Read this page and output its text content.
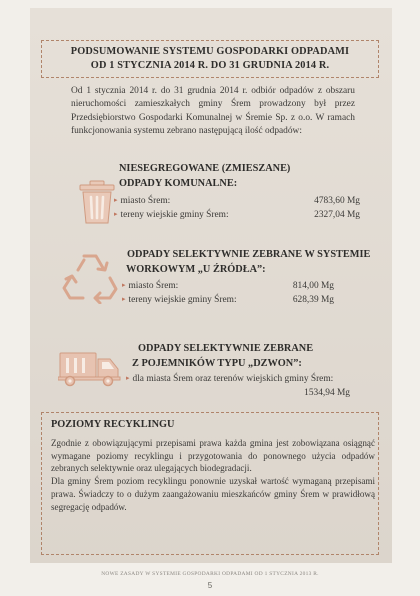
PODSUMOWANIE SYSTEMU GOSPODARKI ODPADAMI
OD 1 STYCZNIA 2014 R. DO 31 GRUDNIA 2014 R.
Od 1 stycznia 2014 r. do 31 grudnia 2014 r. odbiór odpadów z obszaru nieruchomości zamieszkałych gminy Śrem prowadzony był przez Przedsiębiorstwo Gospodarki Komunalnej w Śremie Sp. z o.o. W ramach funkcjonowania systemu zebrano następującą ilość odpadów:
NIESEGREGOWANE (ZMIESZANE)
ODPADY KOMUNALNE:
▸ miasto Śrem:	4783,60 Mg
▸ tereny wiejskie gminy Śrem:	2327,04 Mg
ODPADY SELEKTYWNIE ZEBRANE W SYSTEMIE
WORKOWYM „U ŹRÓDŁA”:
▸ miasto Śrem:	814,00 Mg
▸ tereny wiejskie gminy Śrem:	628,39 Mg
ODPADY SELEKTYWNIE ZEBRANE
Z POJEMNIKÓW TYPU „DZWON”:
▸ dla miasta Śrem oraz terenów wiejskich gminy Śrem:
1534,94 Mg
POZIOMY RECYKLINGU

Zgodnie z obowiązującymi przepisami prawa każda gmina jest zobowiązana osiągnąć wymagane poziomy recyklingu i przygotowania do ponownego użycia odpadów zebranych selektywnie oraz ulegających biodegradacji.

Dla gminy Śrem poziom recyklingu ponownie uzyskał wartość wymaganą przepisami prawa. Świadczy to o dużym zaangażowaniu mieszkańców gminy Śrem w prawidłową segregację odpadów.

NOWE ZASADY W SYSTEMIE GOSPODARKI ODPADAMI OD 1 STYCZNIA 2013 R.
5
